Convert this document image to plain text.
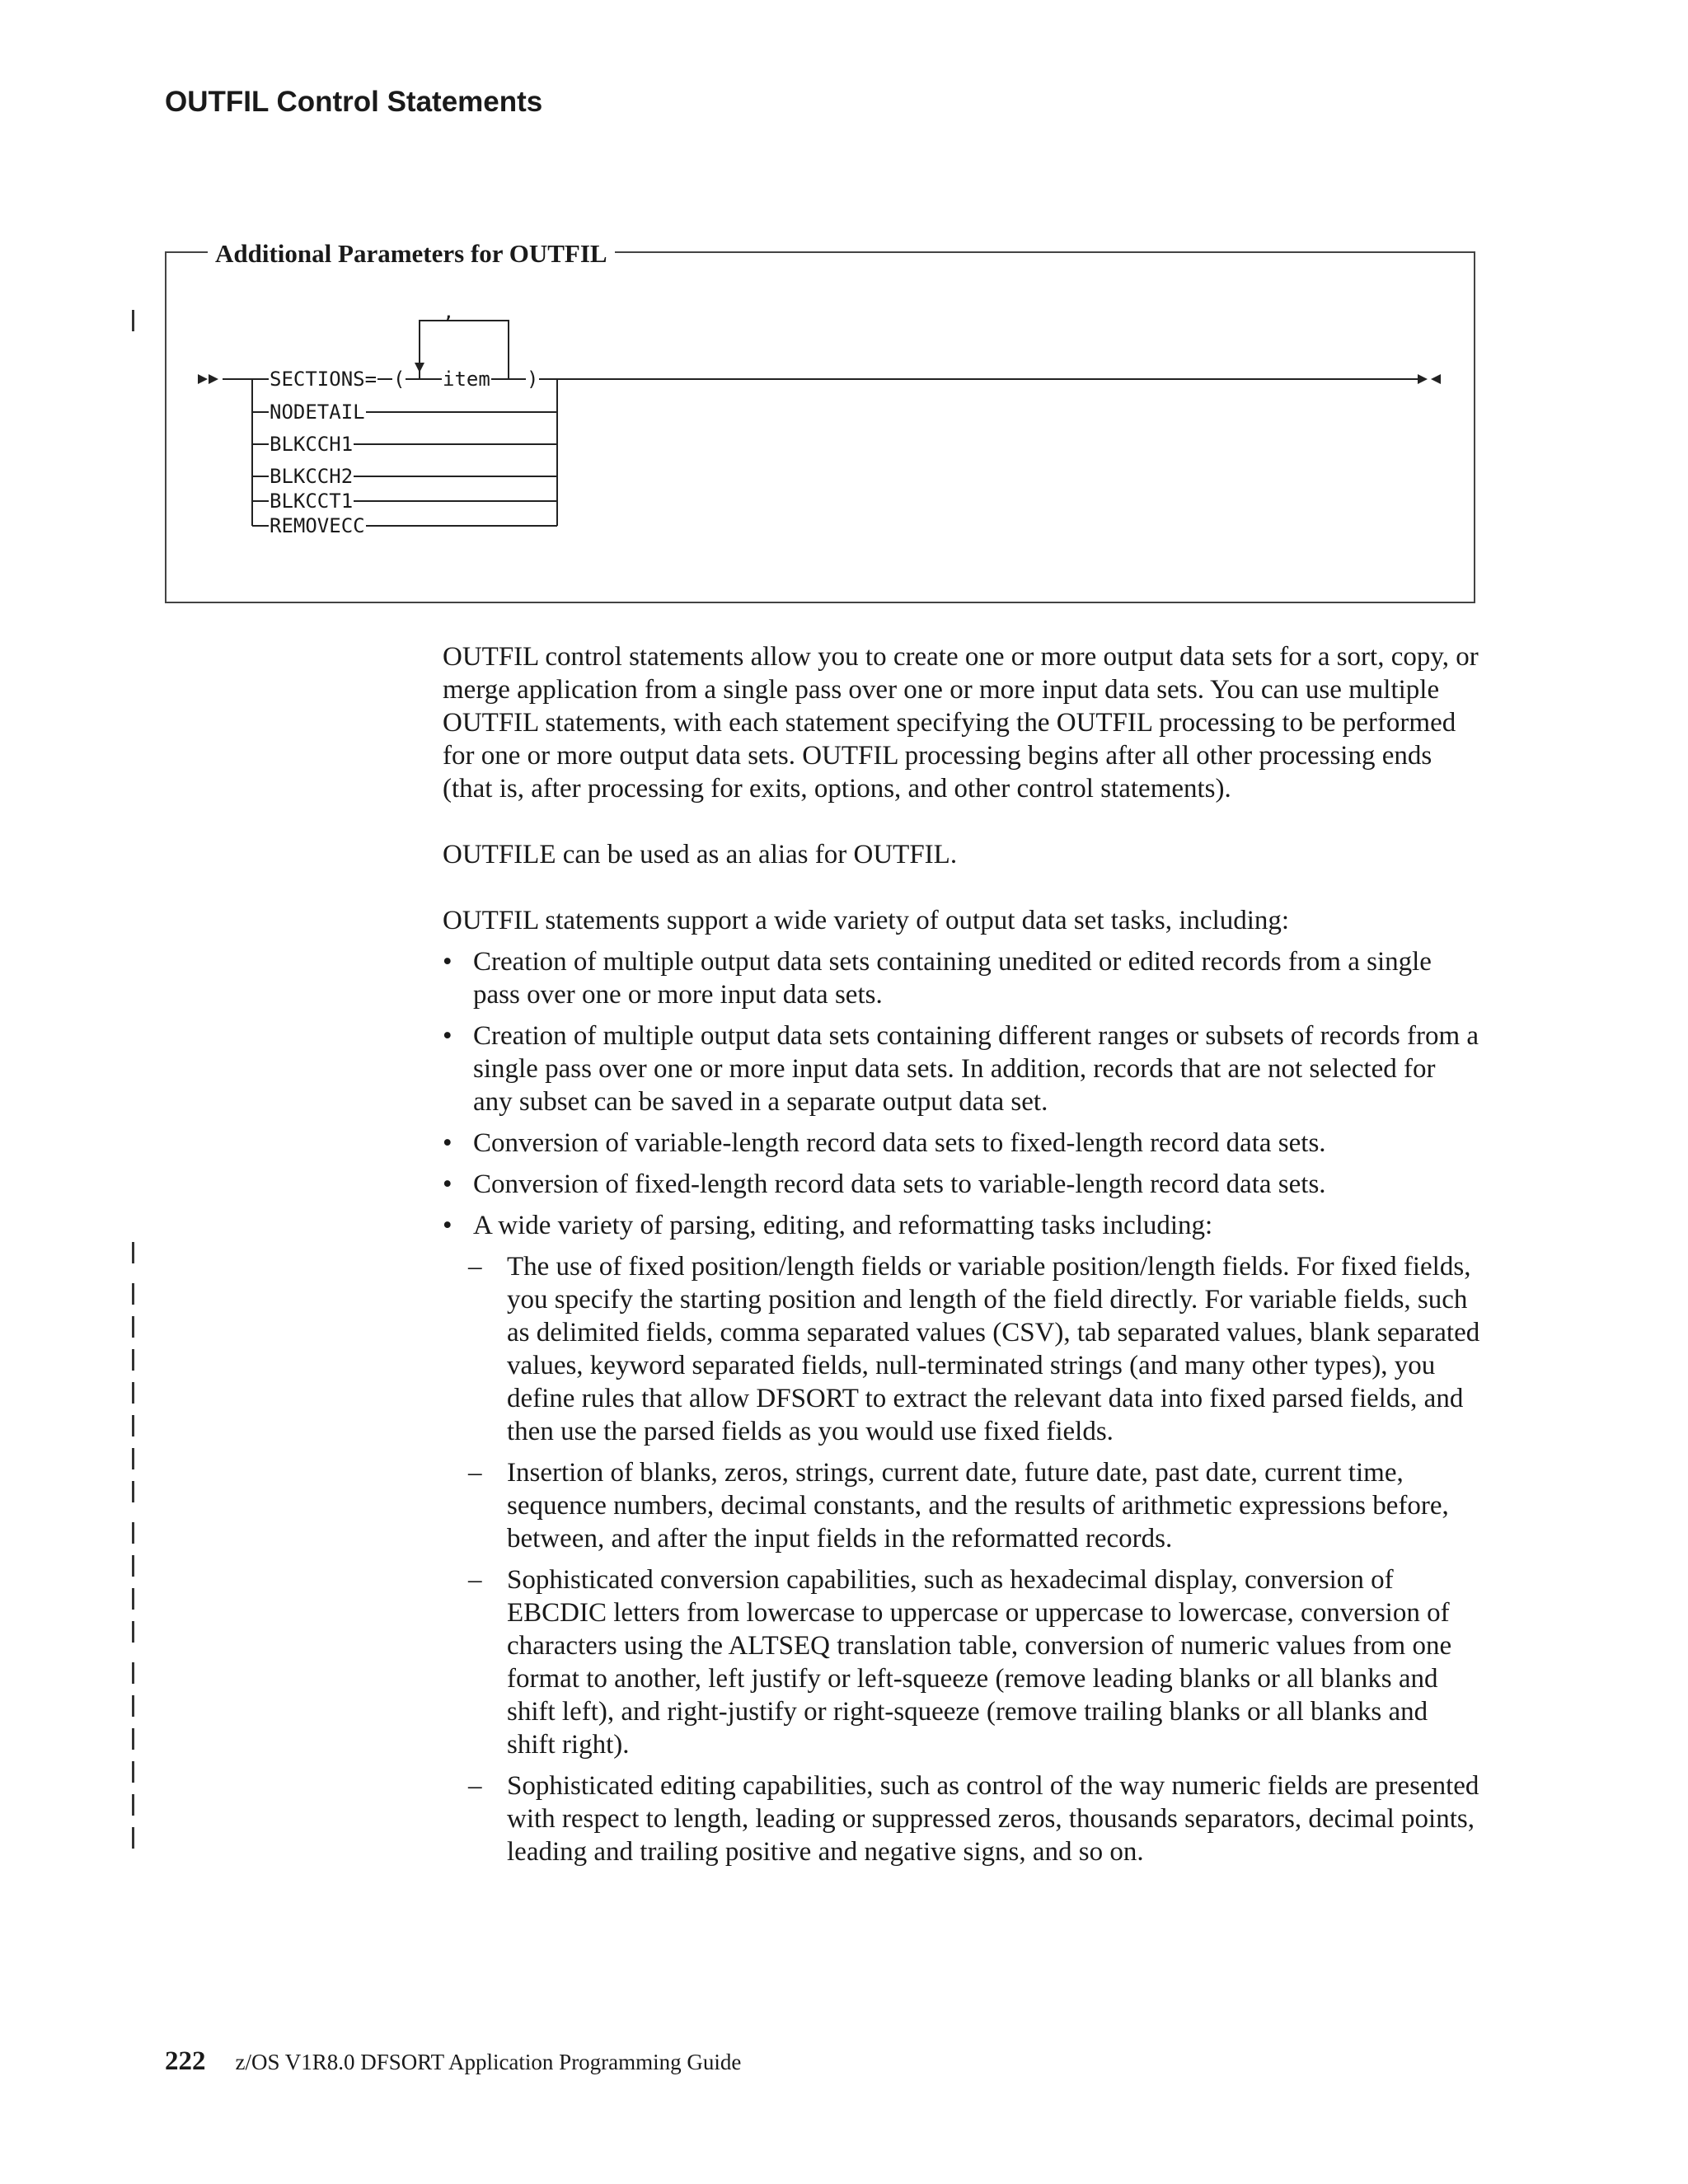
OUTFIL Control Statements
Additional Parameters for OUTFIL
,
SECTIONS= ( item )
NODETAIL
BLKCCH1
BLKCCH2
BLKCCT1
REMOVECC

OUTFIL control statements allow you to create one or more output data sets for a sort, copy, or merge application from a single pass over one or more input data sets. You can use multiple OUTFIL statements, with each statement specifying the OUTFIL processing to be performed for one or more output data sets. OUTFIL processing begins after all other processing ends (that is, after processing for exits, options, and other control statements).

OUTFILE can be used as an alias for OUTFIL.

OUTFIL statements support a wide variety of output data set tasks, including:

• Creation of multiple output data sets containing unedited or edited records from a single pass over one or more input data sets.
• Creation of multiple output data sets containing different ranges or subsets of records from a single pass over one or more input data sets. In addition, records that are not selected for any subset can be saved in a separate output data set.
• Conversion of variable-length record data sets to fixed-length record data sets.
• Conversion of fixed-length record data sets to variable-length record data sets.
• A wide variety of parsing, editing, and reformatting tasks including:
– The use of fixed position/length fields or variable position/length fields. For fixed fields, you specify the starting position and length of the field directly. For variable fields, such as delimited fields, comma separated values (CSV), tab separated values, blank separated values, keyword separated fields, null-terminated strings (and many other types), you define rules that allow DFSORT to extract the relevant data into fixed parsed fields, and then use the parsed fields as you would use fixed fields.
– Insertion of blanks, zeros, strings, current date, future date, past date, current time, sequence numbers, decimal constants, and the results of arithmetic expressions before, between, and after the input fields in the reformatted records.
– Sophisticated conversion capabilities, such as hexadecimal display, conversion of EBCDIC letters from lowercase to uppercase or uppercase to lowercase, conversion of characters using the ALTSEQ translation table, conversion of numeric values from one format to another, left justify or left-squeeze (remove leading blanks or all blanks and shift left), and right-justify or right-squeeze (remove trailing blanks or all blanks and shift right).
– Sophisticated editing capabilities, such as control of the way numeric fields are presented with respect to length, leading or suppressed zeros, thousands separators, decimal points, leading and trailing positive and negative signs, and so on.
222 z/OS V1R8.0 DFSORT Application Programming Guide
